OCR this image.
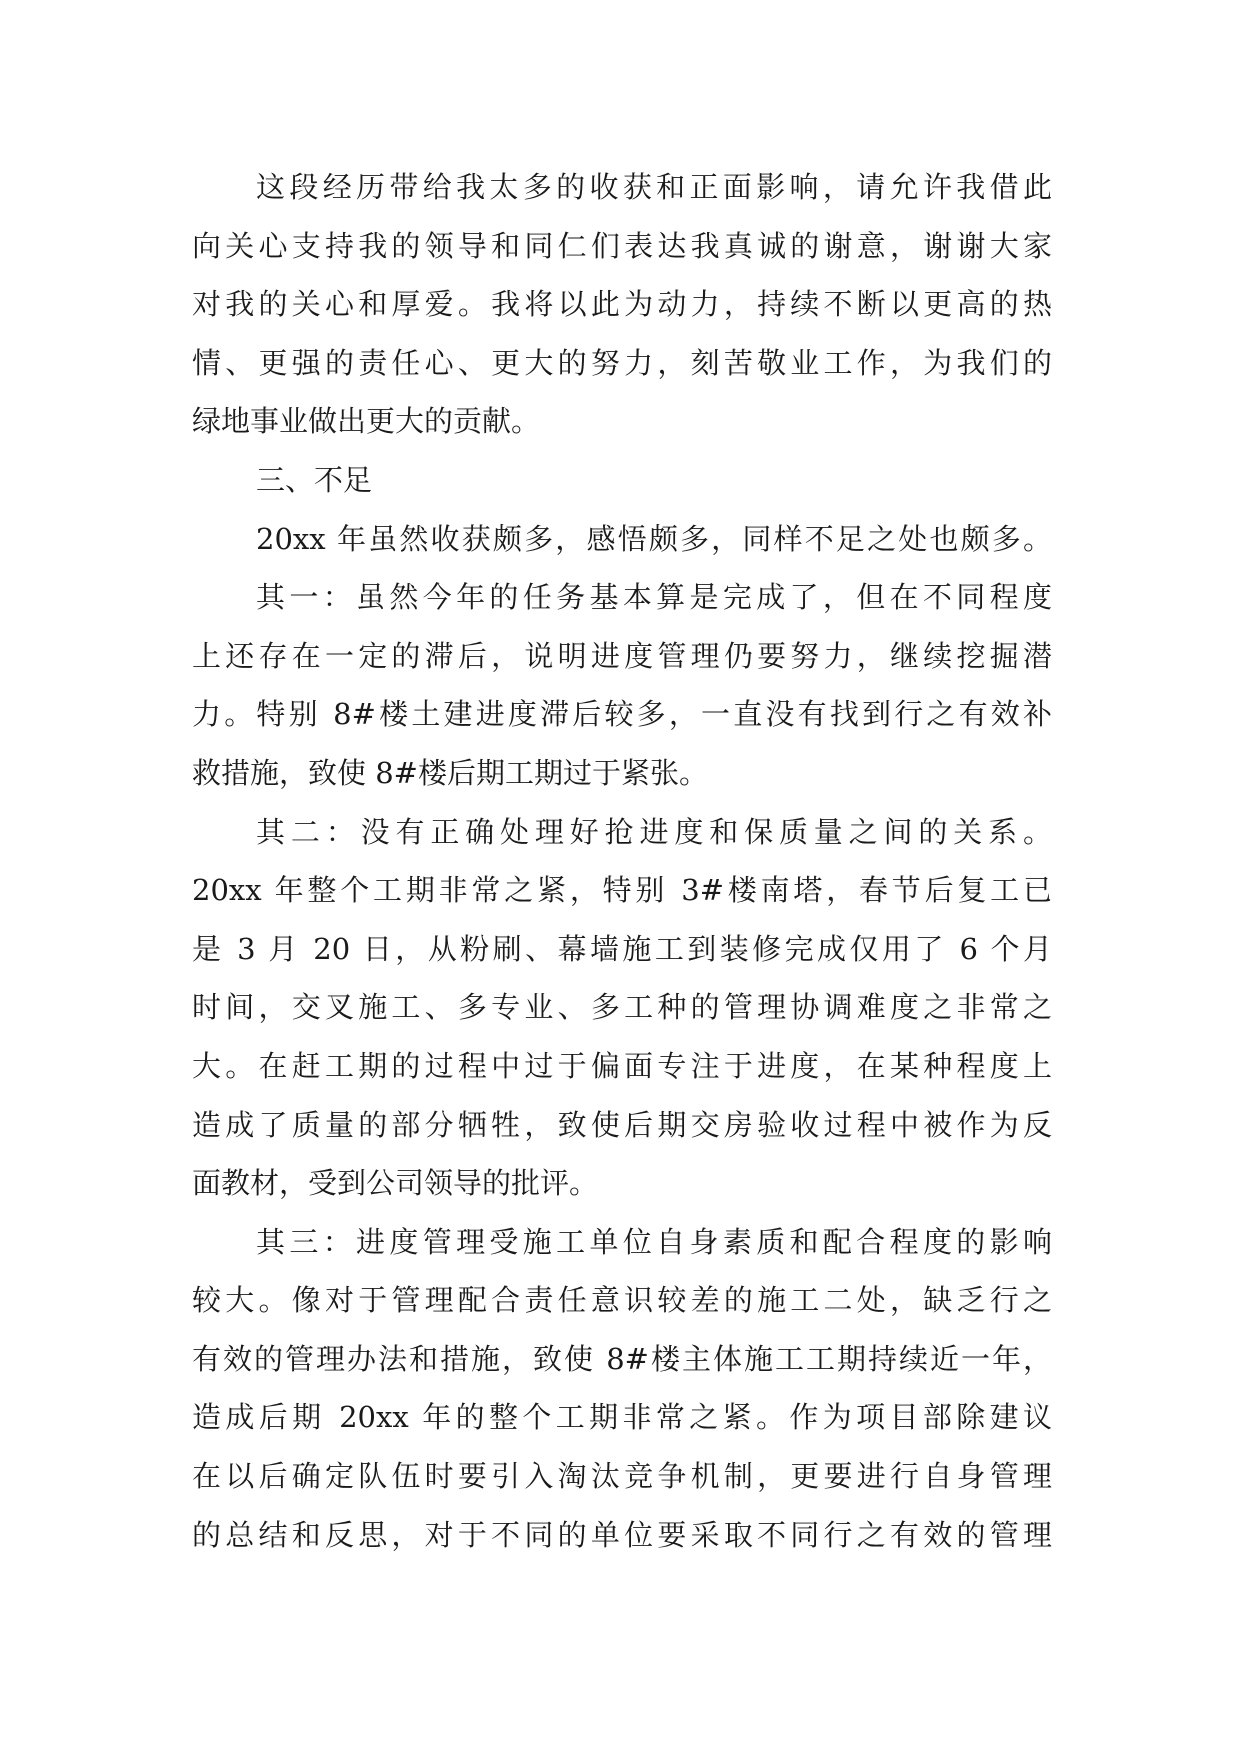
这段经历带给我太多的收获和正面影响，请允许我借此
向关心支持我的领导和同仁们表达我真诚的谢意，谢谢大家
对我的关心和厚爱。我将以此为动力，持续不断以更高的热
情、更强的责任心、更大的努力，刻苦敬业工作，为我们的
绿地事业做出更大的贡献。
三、不足
20xx 年虽然收获颇多，感悟颇多，同样不足之处也颇多。
其一：虽然今年的任务基本算是完成了，但在不同程度
上还存在一定的滞后，说明进度管理仍要努力，继续挖掘潜
力。特别 8#楼土建进度滞后较多，一直没有找到行之有效补
救措施，致使 8#楼后期工期过于紧张。
其二：没有正确处理好抢进度和保质量之间的关系。
20xx 年整个工期非常之紧，特别 3#楼南塔，春节后复工已
是 3 月 20 日，从粉刷、幕墙施工到装修完成仅用了 6 个月
时间，交叉施工、多专业、多工种的管理协调难度之非常之
大。在赶工期的过程中过于偏面专注于进度，在某种程度上
造成了质量的部分牺牲，致使后期交房验收过程中被作为反
面教材，受到公司领导的批评。
其三：进度管理受施工单位自身素质和配合程度的影响
较大。像对于管理配合责任意识较差的施工二处，缺乏行之
有效的管理办法和措施，致使 8#楼主体施工工期持续近一年，
造成后期 20xx 年的整个工期非常之紧。作为项目部除建议
在以后确定队伍时要引入淘汰竞争机制，更要进行自身管理
的总结和反思，对于不同的单位要采取不同行之有效的管理
